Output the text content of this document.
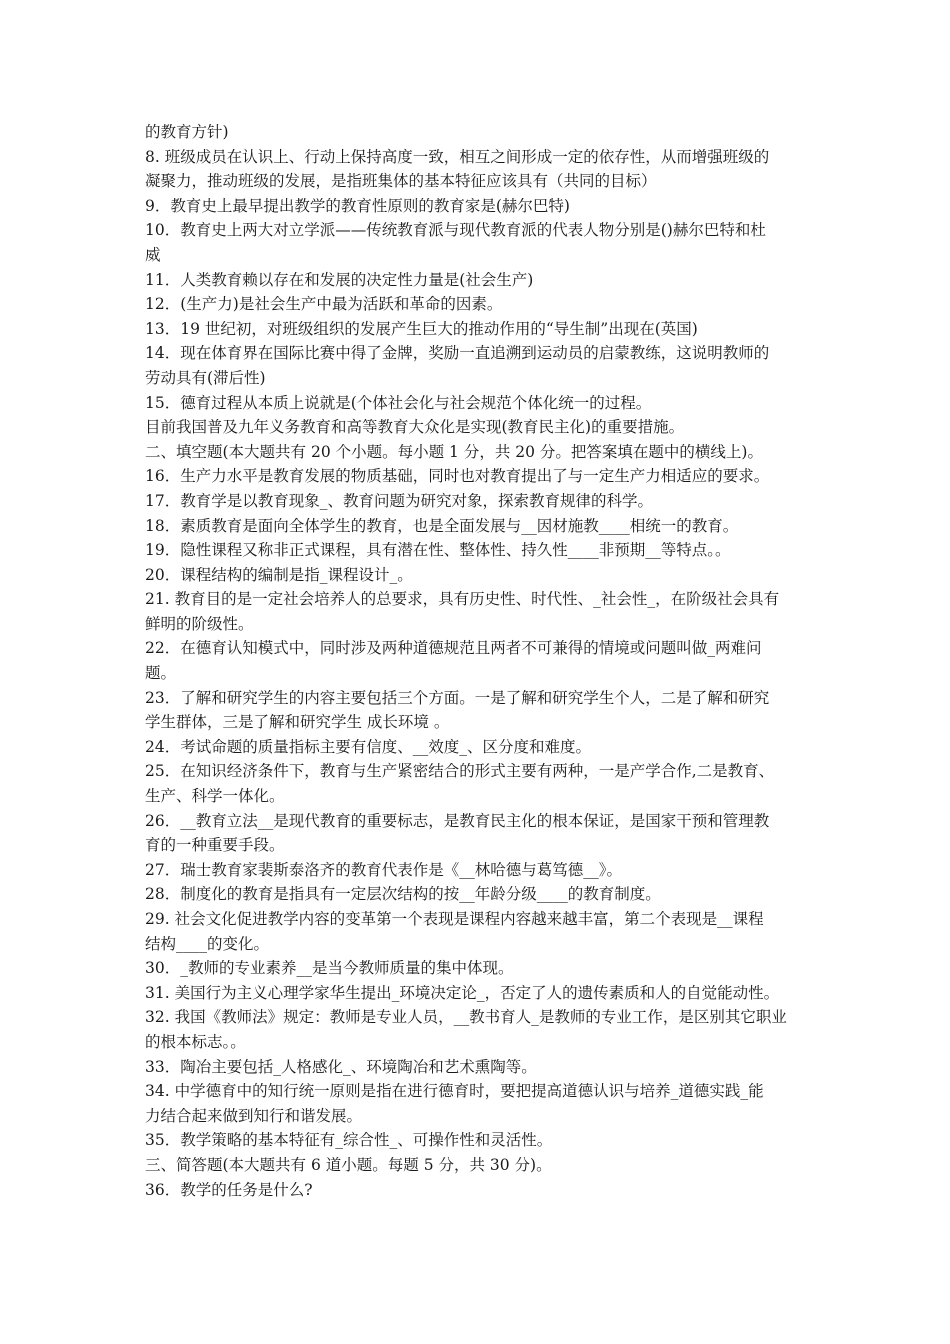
的教育方针)
8. 班级成员在认识上、行动上保持高度一致，相互之间形成一定的依存性，从而增强班级的
凝聚力，推动班级的发展，是指班集体的基本特征应该具有（共同的目标）
9．教育史上最早提出教学的教育性原则的教育家是(赫尔巴特)
10．教育史上两大对立学派——传统教育派与现代教育派的代表人物分别是()赫尔巴特和杜
威
11．人类教育赖以存在和发展的决定性力量是(社会生产)
12．(生产力)是社会生产中最为活跃和革命的因素。
13．19 世纪初，对班级组织的发展产生巨大的推动作用的“导生制”出现在(英国)
14．现在体育界在国际比赛中得了金牌，奖励一直追溯到运动员的启蒙教练，这说明教师的
劳动具有(滞后性)
15．德育过程从本质上说就是(个体社会化与社会规范个体化统一的过程。
目前我国普及九年义务教育和高等教育大众化是实现(教育民主化)的重要措施。
二、填空题(本大题共有 20 个小题。每小题 1 分，共 20 分。把答案填在题中的横线上)。
16．生产力水平是教育发展的物质基础，同时也对教育提出了与一定生产力相适应的要求。
17．教育学是以教育现象_、教育问题为研究对象，探索教育规律的科学。
18．素质教育是面向全体学生的教育，也是全面发展与__因材施教____相统一的教育。
19．隐性课程又称非正式课程，具有潜在性、整体性、持久性____非预期__等特点。。
20．课程结构的编制是指_课程设计_。
21. 教育目的是一定社会培养人的总要求，具有历史性、时代性、_社会性_，在阶级社会具有
鲜明的阶级性。
22．在德育认知模式中，同时涉及两种道德规范且两者不可兼得的情境或问题叫做_两难问
题。
23．了解和研究学生的内容主要包括三个方面。一是了解和研究学生个人，二是了解和研究
学生群体，三是了解和研究学生 成长环境 。
24．考试命题的质量指标主要有信度、__效度_、区分度和难度。
25．在知识经济条件下，教育与生产紧密结合的形式主要有两种，一是产学合作,二是教育、
生产、科学一体化。
26．__教育立法__是现代教育的重要标志，是教育民主化的根本保证，是国家干预和管理教
育的一种重要手段。
27．瑞士教育家裴斯泰洛齐的教育代表作是《__林哈德与葛笃德__》。
28．制度化的教育是指具有一定层次结构的按__年龄分级____的教育制度。
29. 社会文化促进教学内容的变革第一个表现是课程内容越来越丰富，第二个表现是__课程
结构____的变化。
30．_教师的专业素养__是当今教师质量的集中体现。
31. 美国行为主义心理学家华生提出_环境决定论_，否定了人的遗传素质和人的自觉能动性。
32. 我国《教师法》规定：教师是专业人员，__教书育人_是教师的专业工作，是区别其它职业
的根本标志。。
33．陶冶主要包括_人格感化_、环境陶冶和艺术熏陶等。
34. 中学德育中的知行统一原则是指在进行德育时，要把提高道德认识与培养_道德实践_能
力结合起来做到知行和谐发展。
35．教学策略的基本特征有_综合性_、可操作性和灵活性。
三、简答题(本大题共有 6 道小题。每题 5 分，共 30 分)。
36．教学的任务是什么?
